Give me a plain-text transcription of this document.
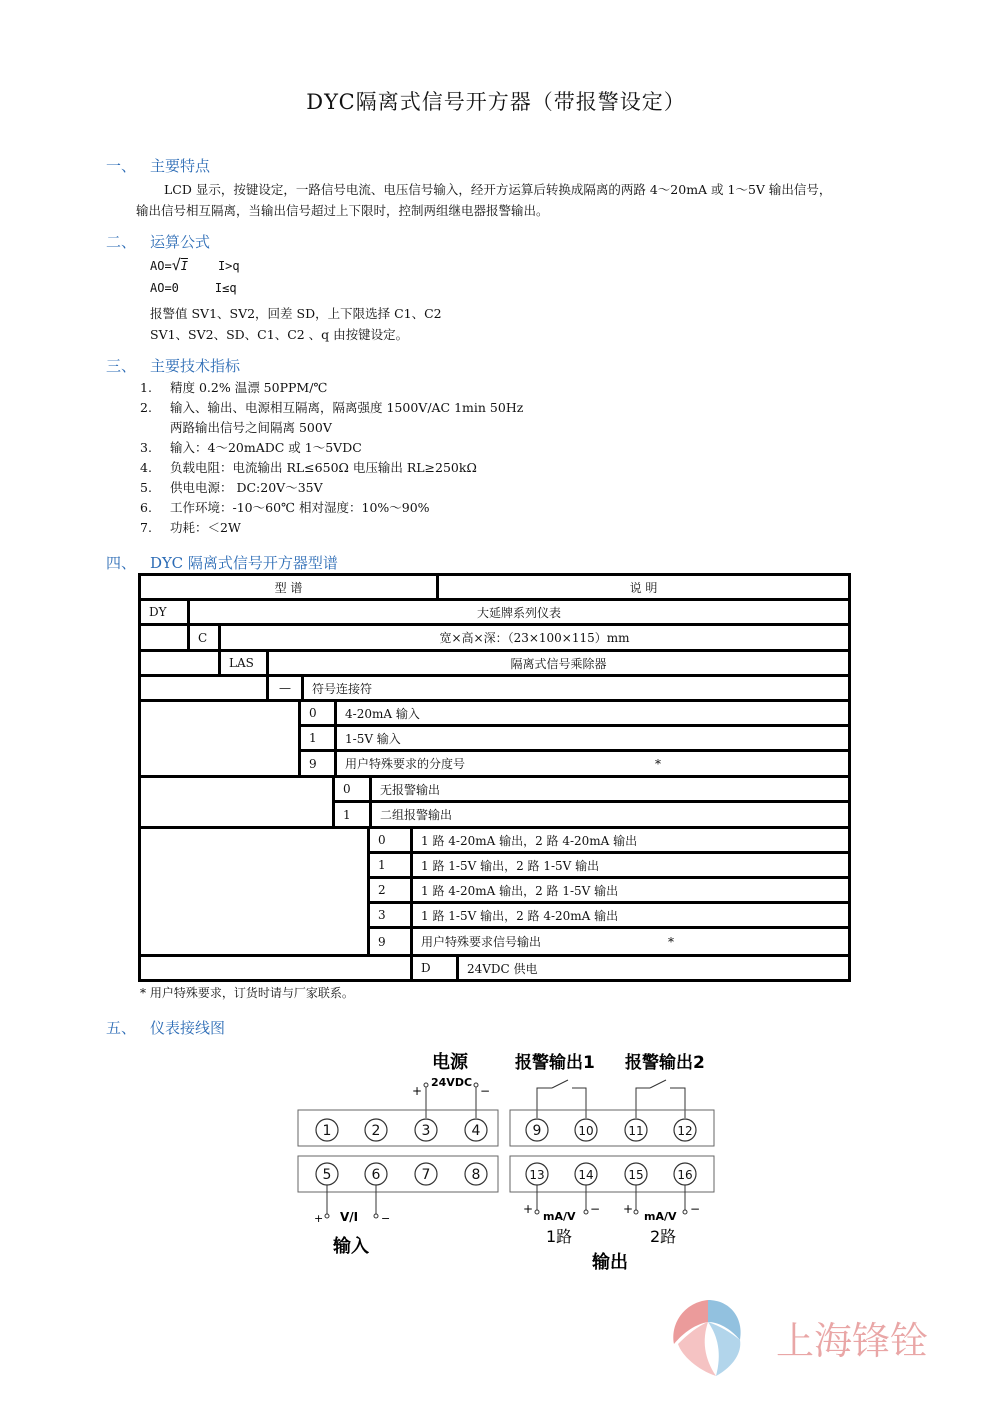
DYC隔离式信号开方器（带报警设定）
一、 主要特点
LCD 显示，按键设定，一路信号电流、电压信号输入，经开方运算后转换成隔离的两路 4～20mA 或 1～5V 输出信号，
输出信号相互隔离，当输出信号超过上下限时，控制两组继电器报警输出。
二、 运算公式
AO=√I	I>q
AO=0	I≤q
报警值 SV1、SV2，回差 SD，上下限选择 C1、C2
SV1、SV2、SD、C1、C2 、q 由按键设定。
三、 主要技术指标
1. 精度 0.2% 温漂 50PPM/℃
2. 输入、输出、电源相互隔离，隔离强度 1500V/AC 1min 50Hz
两路输出信号之间隔离 500V
3. 输入：4～20mADC 或 1～5VDC
4. 负载电阻：电流输出 RL≤650Ω 电压输出 RL≥250kΩ
5. 供电电源： DC:20V～35V
6. 工作环境：-10～60℃ 相对湿度：10%～90%
7. 功耗：＜2W
四、 DYC 隔离式信号开方器型谱
型 谱	说 明
DY	大延牌系列仪表
C	宽×高×深：（23×100×115）mm
LAS	隔离式信号乘除器
—	符号连接符
0	4-20mA 输入
1	1-5V 输入
9	用户特殊要求的分度号	*
0	无报警输出
1	二组报警输出
0	1 路 4-20mA 输出，2 路 4-20mA 输出
1	1 路 1-5V 输出，2 路 1-5V 输出
2	1 路 4-20mA 输出，2 路 1-5V 输出
3	1 路 1-5V 输出，2 路 4-20mA 输出
9	用户特殊要求信号输出	*
D	24VDC 供电
* 用户特殊要求，订货时请与厂家联系。
五、 仪表接线图
电源	报警输出1 报警输出2
24VDC
+	−
1	2	3	4
5	6	7	8
9	10	11	12
13	14	15	16
+	−
V/I
+	−
mA/V
+	−
mA/V
输入	1路	2路
输出
上海锋铨
